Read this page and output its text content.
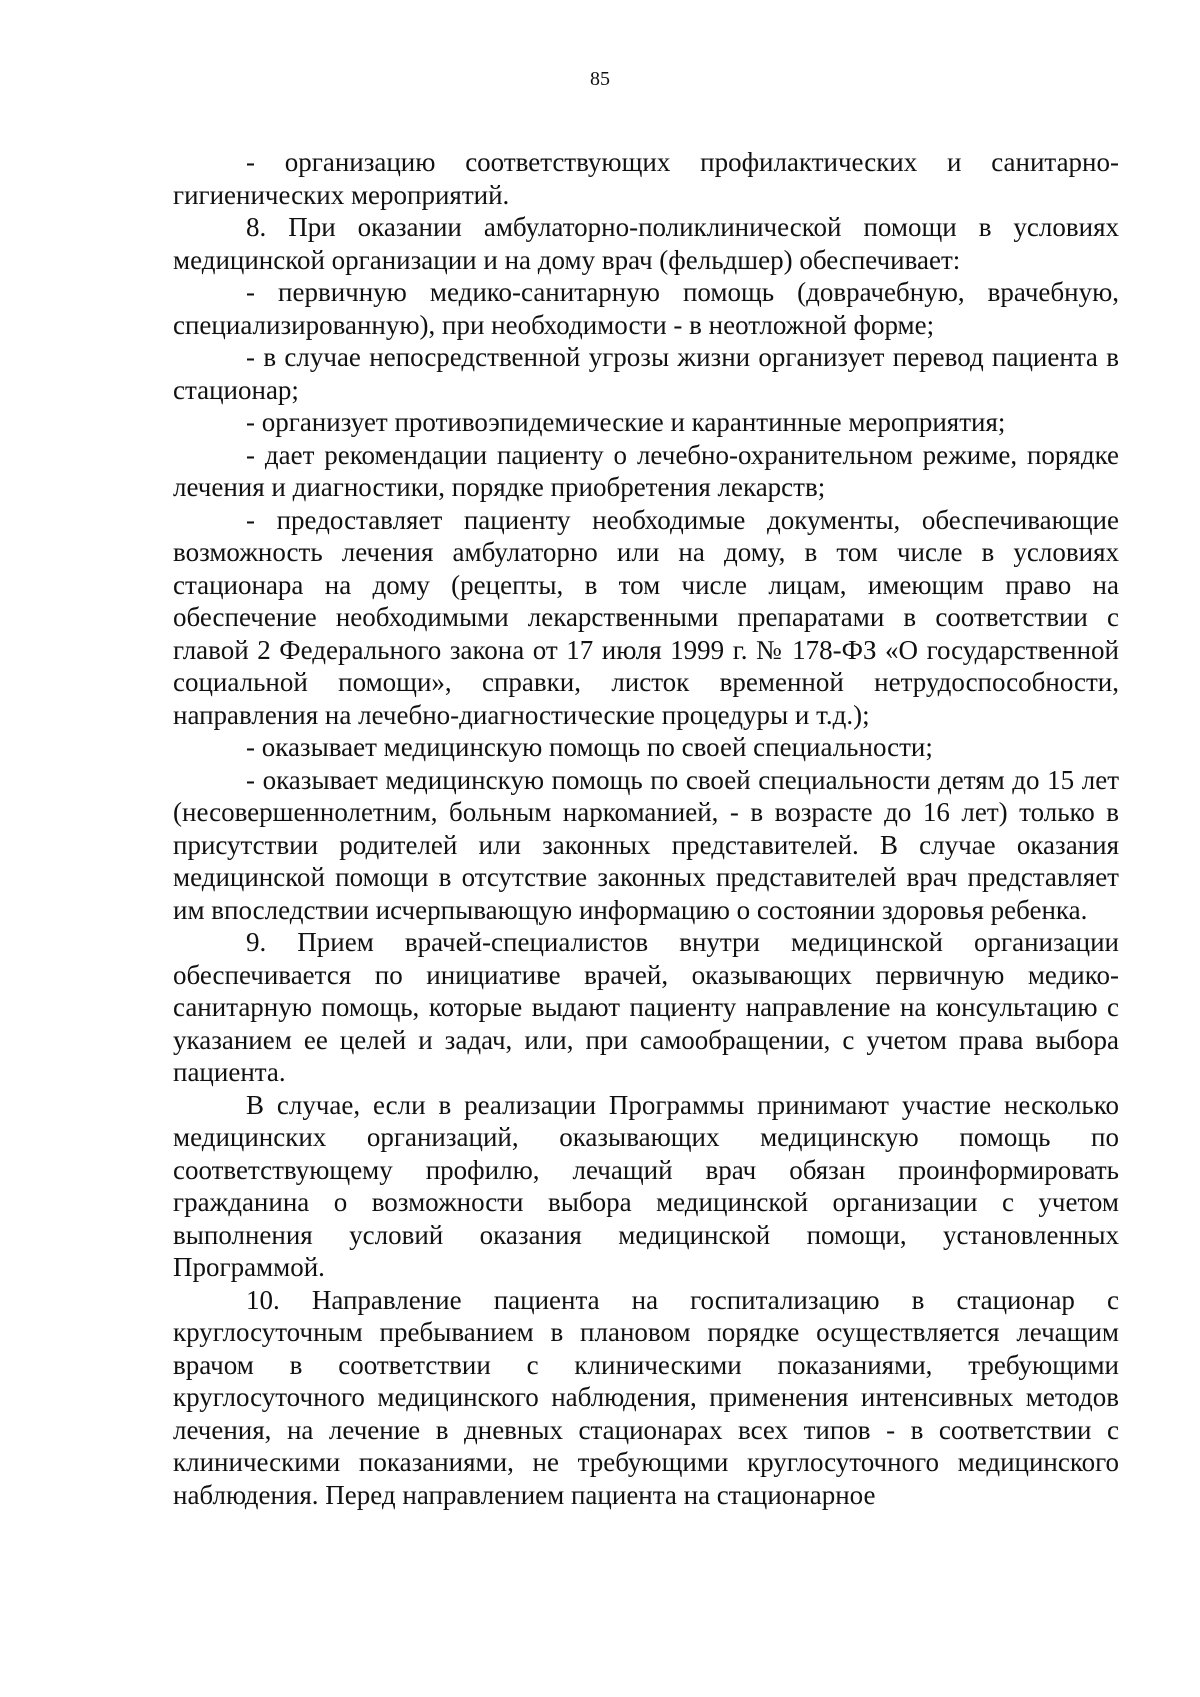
85

- организацию соответствующих профилактических и санитарно-гигиенических мероприятий.

8. При оказании амбулаторно-поликлинической помощи в условиях медицинской организации и на дому врач (фельдшер) обеспечивает:

- первичную медико-санитарную помощь (доврачебную, врачебную, специализированную), при необходимости - в неотложной форме;

- в случае непосредственной угрозы жизни организует перевод пациента в стационар;

- организует противоэпидемические и карантинные мероприятия;

- дает рекомендации пациенту о лечебно-охранительном режиме, порядке лечения и диагностики, порядке приобретения лекарств;

- предоставляет пациенту необходимые документы, обеспечивающие возможность лечения амбулаторно или на дому, в том числе в условиях стационара на дому (рецепты, в том числе лицам, имеющим право на обеспечение необходимыми лекарственными препаратами в соответствии с главой 2 Федерального закона от 17 июля 1999 г. № 178-ФЗ «О государственной социальной помощи», справки, листок временной нетрудоспособности, направления на лечебно-диагностические процедуры и т.д.);

- оказывает медицинскую помощь по своей специальности;

- оказывает медицинскую помощь по своей специальности детям до 15 лет (несовершеннолетним, больным наркоманией, - в возрасте до 16 лет) только в присутствии родителей или законных представителей. В случае оказания медицинской помощи в отсутствие законных представителей врач представляет им впоследствии исчерпывающую информацию о состоянии здоровья ребенка.

9. Прием врачей-специалистов внутри медицинской организации обеспечивается по инициативе врачей, оказывающих первичную медико-санитарную помощь, которые выдают пациенту направление на консультацию с указанием ее целей и задач, или, при самообращении, с учетом права выбора пациента.

В случае, если в реализации Программы принимают участие несколько медицинских организаций, оказывающих медицинскую помощь по соответствующему профилю, лечащий врач обязан проинформировать гражданина о возможности выбора медицинской организации с учетом выполнения условий оказания медицинской помощи, установленных Программой.

10. Направление пациента на госпитализацию в стационар с круглосуточным пребыванием в плановом порядке осуществляется лечащим врачом в соответствии с клиническими показаниями, требующими круглосуточного медицинского наблюдения, применения интенсивных методов лечения, на лечение в дневных стационарах всех типов - в соответствии с клиническими показаниями, не требующими круглосуточного медицинского наблюдения. Перед направлением пациента на стационарное
